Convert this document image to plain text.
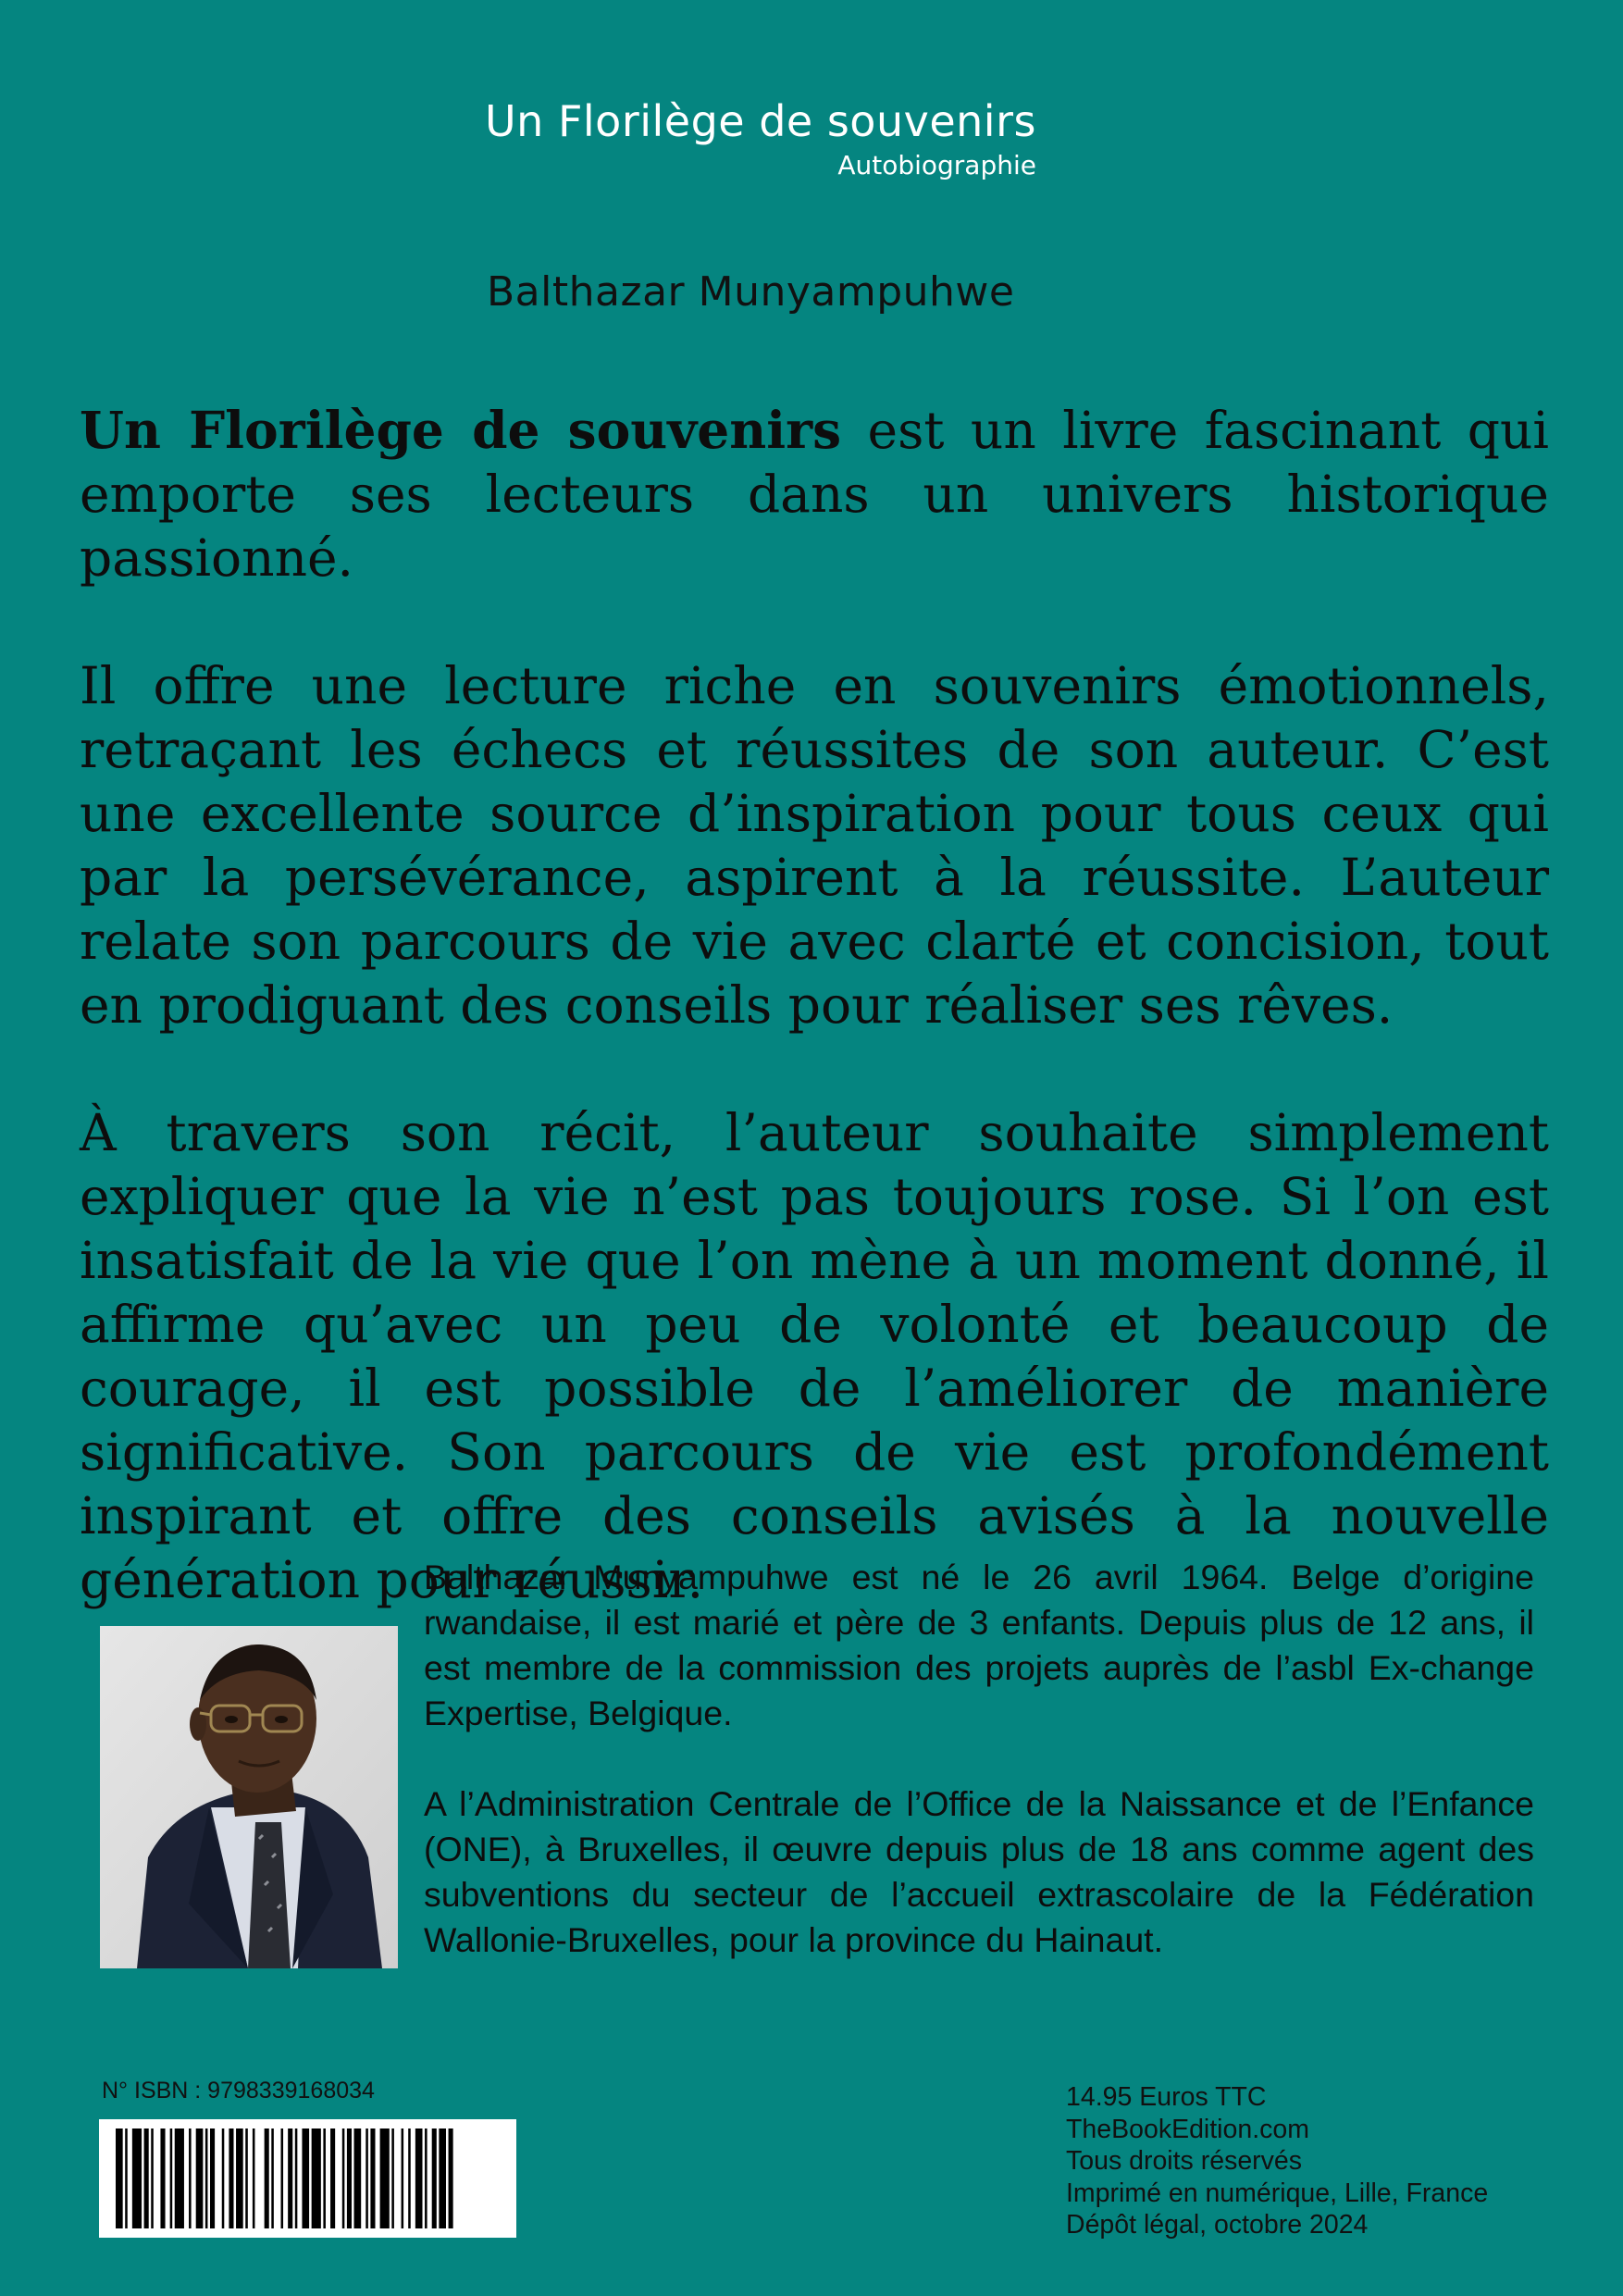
Un Florilège de souvenirs
Autobiographie
Balthazar Munyampuhwe

Un Florilège de souvenirs est un livre fascinant qui emporte ses lecteurs dans un univers historique passionné.

Il offre une lecture riche en souvenirs émotionnels, retraçant les échecs et réussites de son auteur. C’est une excellente source d’inspiration pour tous ceux qui par la persévérance, aspirent à la réussite. L’auteur relate son parcours de vie avec clarté et concision, tout en prodiguant des conseils pour réaliser ses rêves.

À travers son récit, l’auteur souhaite simplement expliquer que la vie n’est pas toujours rose. Si l’on est insatisfait de la vie que l’on mène à un moment donné, il affirme qu’avec un peu de volonté et beaucoup de courage, il est possible de l’améliorer de manière significative. Son parcours de vie est profondément inspirant et offre des conseils avisés à la nouvelle génération pour réussir.

Balthazar Munyampuhwe est né le 26 avril 1964. Belge d’origine rwandaise, il est marié et père de 3 enfants. Depuis plus de 12 ans, il est membre de la commission des projets auprès de l’asbl Ex-change Expertise, Belgique.

A l’Administration Centrale de l’Office de la Naissance et de l’Enfance (ONE), à Bruxelles, il œuvre depuis plus de 18 ans comme agent des subventions du secteur de l’accueil extrascolaire de la Fédération Wallonie-Bruxelles, pour la province du Hainaut.

N° ISBN : 9798339168034	14.95 Euros TTC
TheBookEdition.com
Tous droits réservés
Imprimé en numérique, Lille, France
Dépôt légal, octobre 2024
